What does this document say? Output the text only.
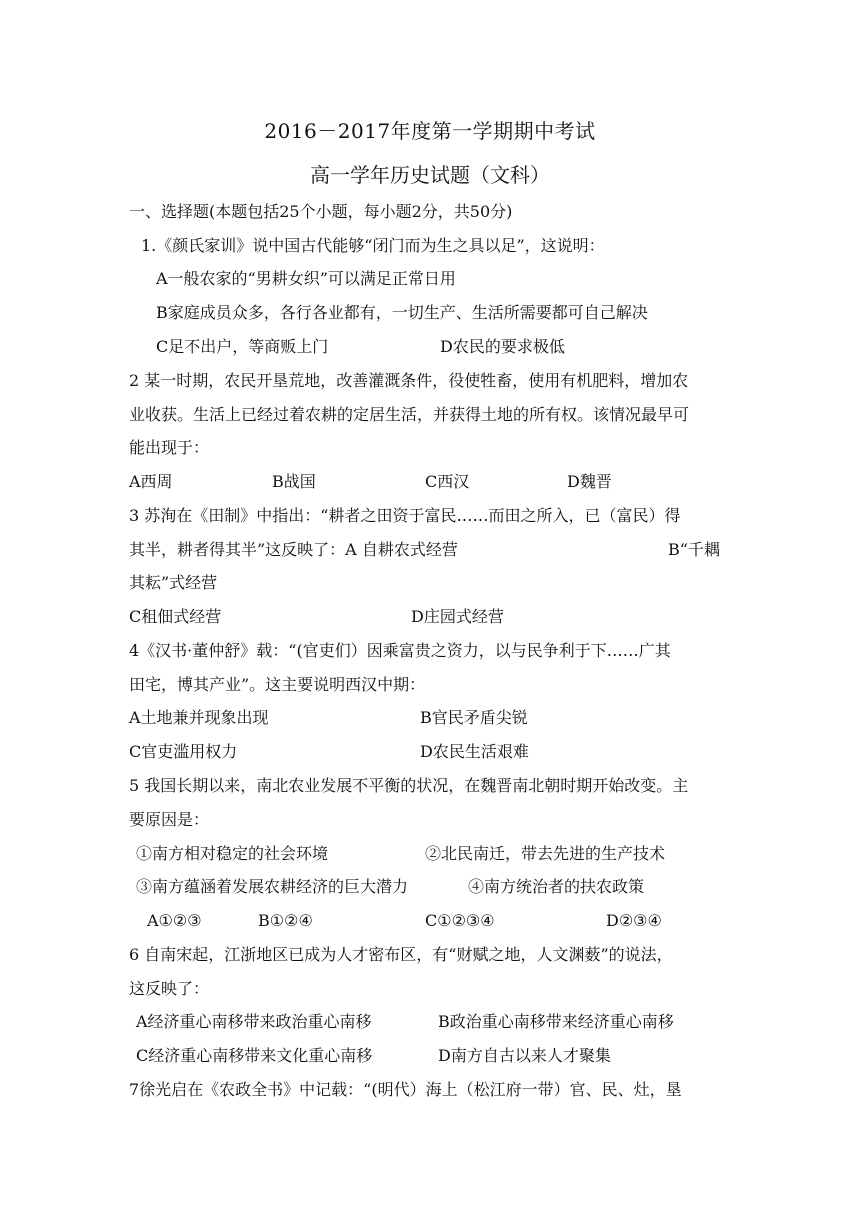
2016－2017年度第一学期期中考试
高一学年历史试题（文科）
一、选择题(本题包括25个小题，每小题2分，共50分)
1.《颜氏家训》说中国古代能够“闭门而为生之具以足”，这说明：
A一般农家的“男耕女织”可以满足正常日用
B家庭成员众多，各行各业都有，一切生产、生活所需要都可自己解决
C足不出户，等商贩上门	D农民的要求极低
2 某一时期，农民开垦荒地，改善灌溉条件，役使牲畜，使用有机肥料，增加农
业收获。生活上已经过着农耕的定居生活，并获得土地的所有权。该情况最早可
能出现于：
A西周	B战国	C西汉	D魏晋
3 苏洵在《田制》中指出：“耕者之田资于富民……而田之所入，已（富民）得
其半，耕者得其半”这反映了：A 自耕农式经营	B“千耦
其耘”式经营
C租佃式经营	D庄园式经营
4《汉书·董仲舒》载：“(官吏们）因乘富贵之资力，以与民争利于下……广其
田宅，博其产业”。这主要说明西汉中期：
A土地兼并现象出现	B官民矛盾尖锐
C官吏滥用权力	D农民生活艰难
5 我国长期以来，南北农业发展不平衡的状况，在魏晋南北朝时期开始改变。主
要原因是：
①南方相对稳定的社会环境	②北民南迁，带去先进的生产技术
③南方蕴涵着发展农耕经济的巨大潜力	④南方统治者的扶农政策
A①②③	B①②④	C①②③④	D②③④
6 自南宋起，江浙地区已成为人才密布区，有“财赋之地，人文渊薮”的说法，
这反映了：
A经济重心南移带来政治重心南移	B政治重心南移带来经济重心南移
C经济重心南移带来文化重心南移	D南方自古以来人才聚集
7徐光启在《农政全书》中记载：“(明代）海上（松江府一带）官、民、灶，垦
